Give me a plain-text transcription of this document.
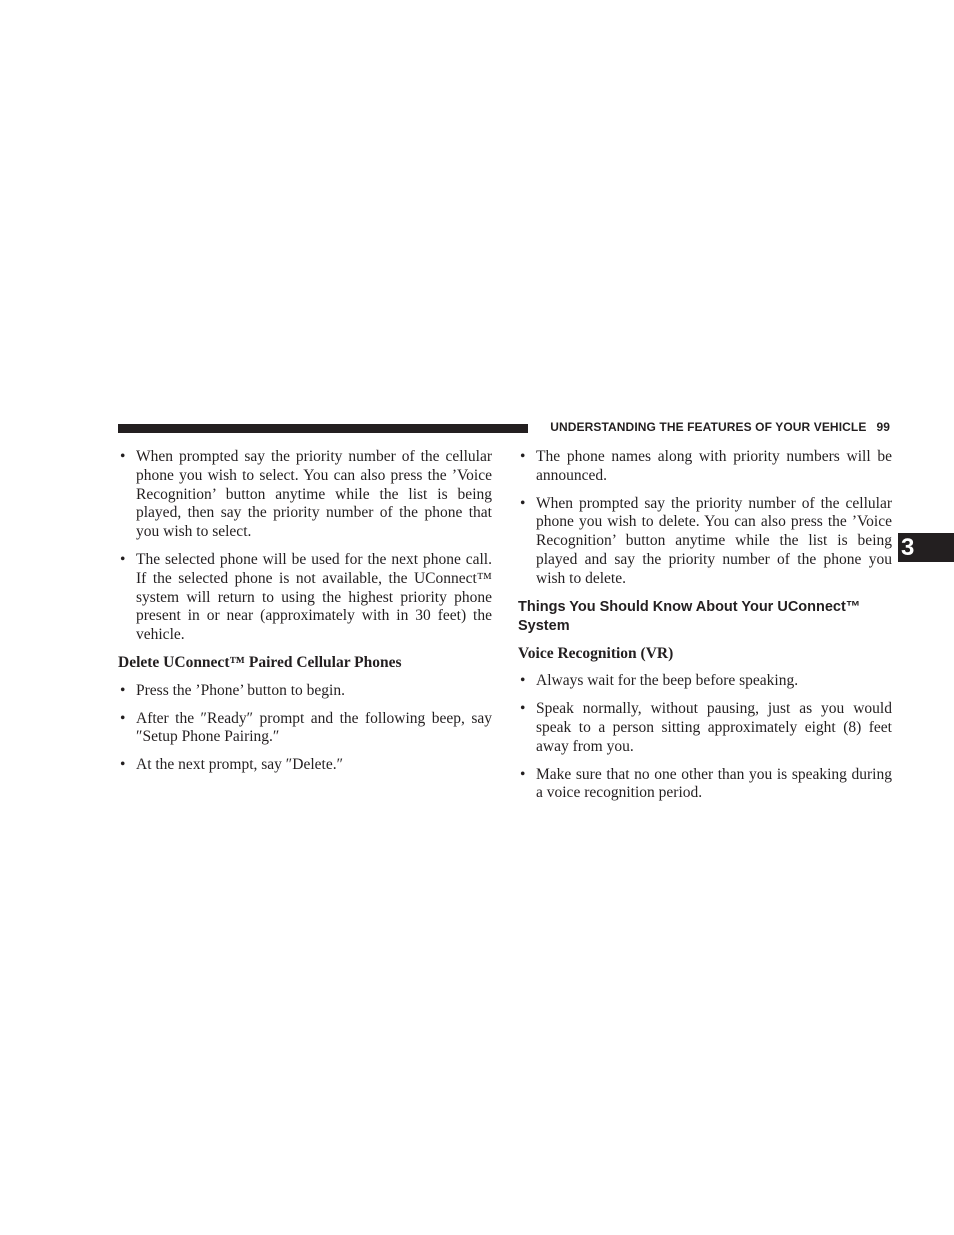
UNDERSTANDING THE FEATURES OF YOUR VEHICLE 99
3
• When prompted say the priority number of the cellular phone you wish to select. You can also press the ’Voice Recognition’ button anytime while the list is being played, then say the priority number of the phone that you wish to select.
• The selected phone will be used for the next phone call. If the selected phone is not available, the UConnect™ system will return to using the highest priority phone present in or near (approximately with in 30 feet) the vehicle.
Delete UConnect™ Paired Cellular Phones
• Press the ’Phone’ button to begin.
• After the ″Ready″ prompt and the following beep, say ″Setup Phone Pairing.″
• At the next prompt, say ″Delete.″
• The phone names along with priority numbers will be announced.
• When prompted say the priority number of the cellular phone you wish to delete. You can also press the ’Voice Recognition’ button anytime while the list is being played and say the priority number of the phone you wish to delete.
Things You Should Know About Your UConnect™ System
Voice Recognition (VR)
• Always wait for the beep before speaking.
• Speak normally, without pausing, just as you would speak to a person sitting approximately eight (8) feet away from you.
• Make sure that no one other than you is speaking during a voice recognition period.
